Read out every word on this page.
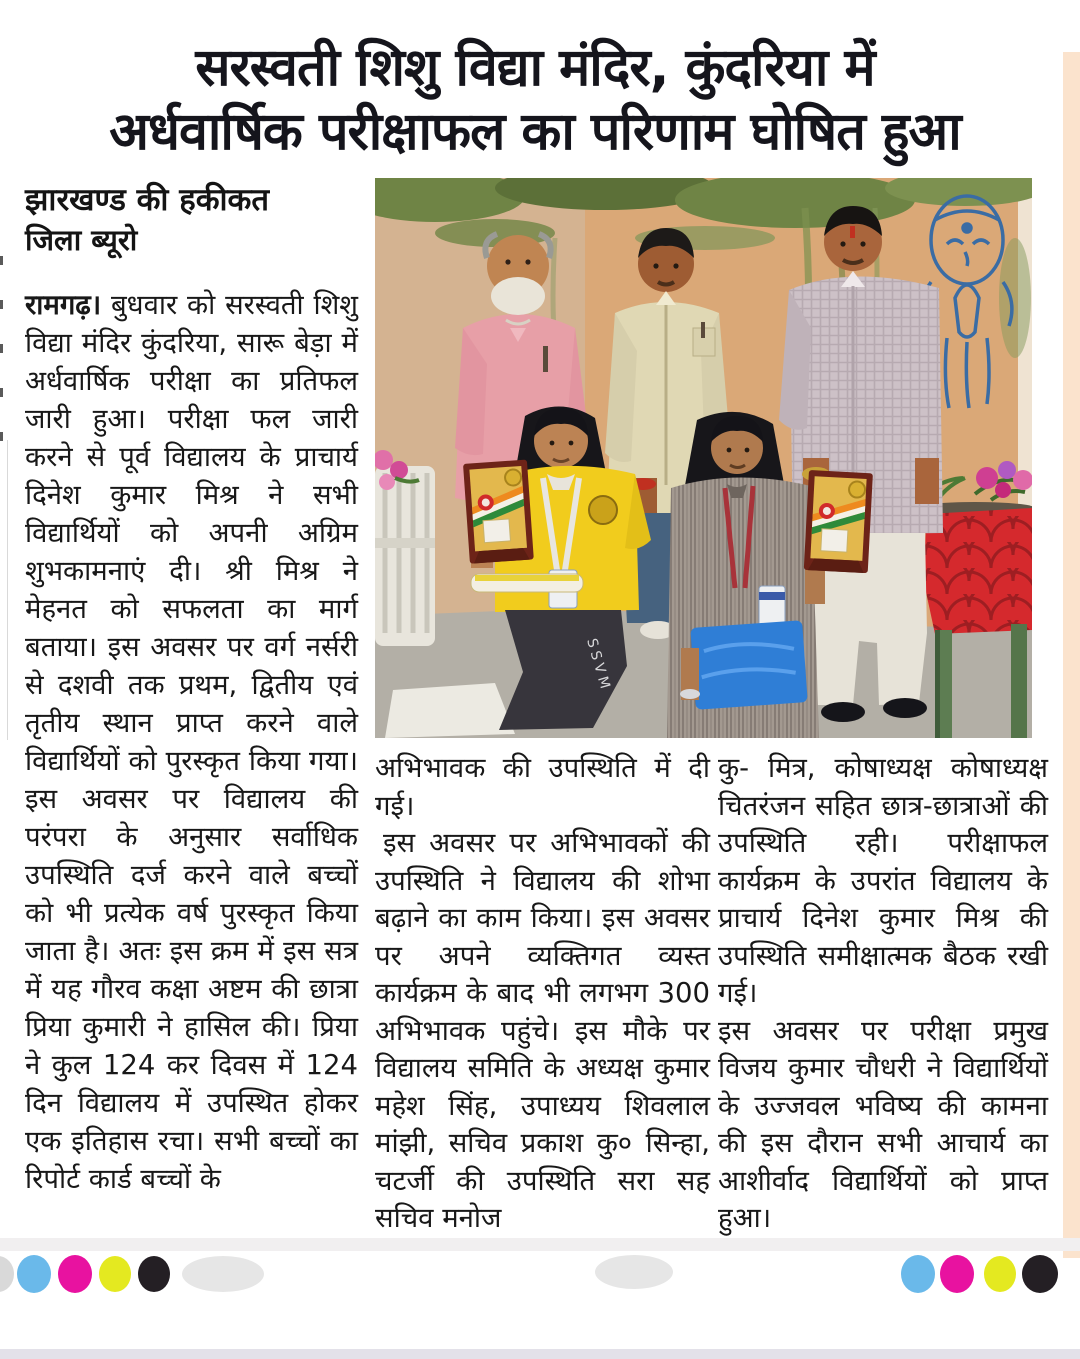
सरस्वती शिशु विद्या मंदिर, कुंदरिया में
अर्धवार्षिक परीक्षाफल का परिणाम घोषित हुआ
झारखण्ड की हकीकत
जिला ब्यूरो

रामगढ़। बुधवार को सरस्वती शिशु विद्या मंदिर कुंदरिया, सारू बेड़ा में अर्धवार्षिक परीक्षा का प्रतिफल जारी हुआ। परीक्षा फल जारी करने से पूर्व विद्यालय के प्राचार्य दिनेश कुमार मिश्र ने सभी विद्यार्थियों को अपनी अग्रिम शुभकामनाएं दी। श्री मिश्र ने मेहनत को सफलता का मार्ग बताया। इस अवसर पर वर्ग नर्सरी से दशवी तक प्रथम, द्वितीय एवं तृतीय स्थान प्राप्त करने वाले विद्यार्थियों को पुरस्कृत किया गया। इस अवसर पर विद्यालय की परंपरा के अनुसार सर्वाधिक उपस्थिति दर्ज करने वाले बच्चों को भी प्रत्येक वर्ष पुरस्कृत किया जाता है। अतः इस क्रम में इस सत्र में यह गौरव कक्षा अष्टम की छात्रा प्रिया कुमारी ने हासिल की। प्रिया ने कुल 124 कर दिवस में 124 दिन विद्यालय में उपस्थित होकर एक इतिहास रचा। सभी बच्चों का रिपोर्ट कार्ड बच्चों के

अभिभावक की उपस्थिति में दी गई।

इस अवसर पर अभिभावकों की उपस्थिति ने विद्यालय की शोभा बढ़ाने का काम किया। इस अवसर पर अपने व्यक्तिगत व्यस्त कार्यक्रम के बाद भी लगभग 300 अभिभावक पहुंचे। इस मौके पर विद्यालय समिति के अध्यक्ष कुमार महेश सिंह, उपाध्यय शिवलाल मांझी, सचिव प्रकाश कु० सिन्हा, चटर्जी की उपस्थिति सरा सह सचिव मनोज

कु- मित्र, कोषाध्यक्ष कोषाध्यक्ष चितरंजन सहित छात्र-छात्राओं की उपस्थिति रही। परीक्षाफल कार्यक्रम के उपरांत विद्यालय के प्राचार्य दिनेश कुमार मिश्र की उपस्थिति समीक्षात्मक बैठक रखी गई।

इस अवसर पर परीक्षा प्रमुख विजय कुमार चौधरी ने विद्यार्थियों के उज्जवल भविष्य की कामना की इस दौरान सभी आचार्य का आशीर्वाद विद्यार्थियों को प्राप्त हुआ।

SSVM
